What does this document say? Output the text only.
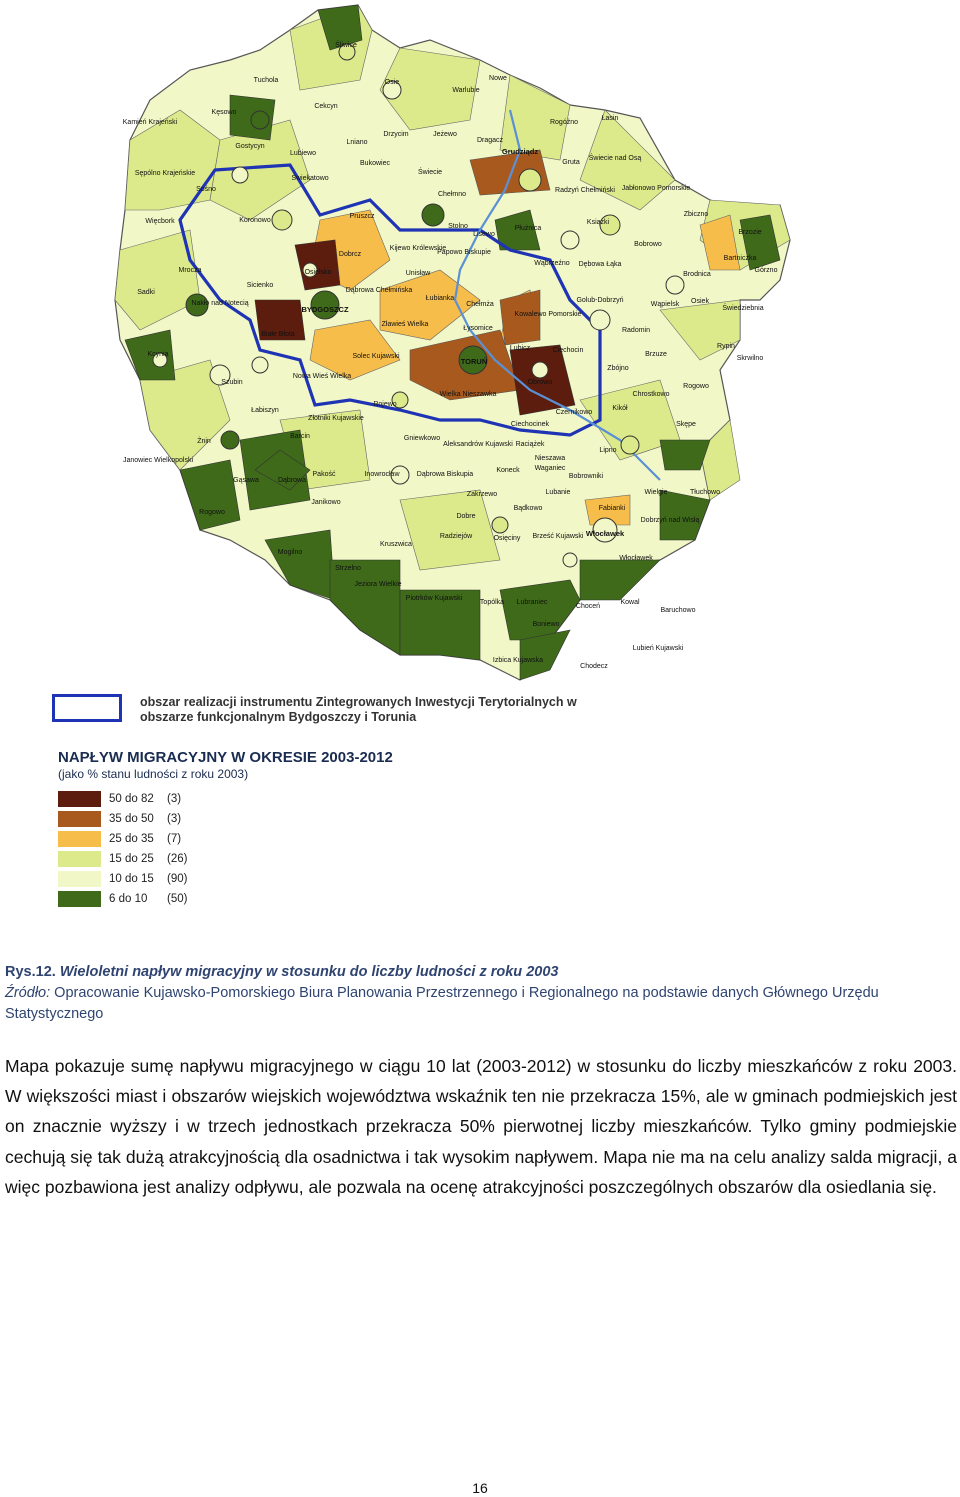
Śliwice
Osie
Nowe
Warlubie
Tuchola
Cekcyn
Kęsowo
Kamień Krajeński
Gostycyn
Lubiewo
Drzycim	Jeżewo
Dragacz
Lniano
Rogóźno
Łasin
Gruta
Świecie nad Osą
Sępólno Krajeńskie
Świekatowo
Bukowiec
Świecie
Sośno
Chełmno
Radzyń Chełmiński Jabłonowo Pomorskie
Więcbork	Koronowo
Pruszcz
Stolno
Lisewo
Płużnica
Książki
Zbiczno
Brzozie
Dobrcz
Kijewo Królewskie
Papowo Biskupie
Wąbrzeźno Dębowa Łąka
Bobrowo
Bartniczka
Mrocza
Sicienko
Osielsko	Unisław	Górzno
Brodnica
Sadki	Dąbrowa Chełmińska
Łubianka
Chełmża
Kowalewo Pomorskie
Golub-Dobrzyń
Wąpielsk Osiek
Świedziebnia
Nakło nad Notecią
Zławieś Wielka
Łysomice	Radomin
Białe Błota
Lubicz	Ciechocin
Brzuze
Rypin
Kcynia	Solec Kujawski	Skrwilno
Zbójno
Obrowo
Nowa Wieś Wielka
Wielka Nieszawka
Szubin
Chrostkowo
Rogowo
Czernikowo
Łabiszyn
Rojewo
Złotniki Kujawskie
Ciechocinek
Kikół
Skępe
Żnin
Barcin	Gniewkowo
Aleksandrów Kujawski Raciążek
Lipno
Janowiec Wielkopolski
Gąsawa
Pakość	Inowrocław Dąbrowa Biskupia
Koneck Waganiec
Nieszawa
Bobrowniki
Wielgie	Tłuchowo
Dąbrowa
Rogowo
Janikowo
Zakrzewo
Bądkowo
Lubanie
Fabianki
Dobrzyń nad Wisłą
Dobre
Mogilno
Kruszwica
Radziejów	Osięciny Brześć Kujawski
Włocławek
Strzelno
Jeziora Wielkie
Piotrków Kujawski
Topólka Lubraniec
Choceń
Kowal
Baruchowo
Lubień Kujawski
Izbica Kujawska
Chodecz
Boniewo
BYDGOSZCZ
TORUŃ
Grudziądz
Włocławek
obszar realizacji instrumentu Zintegrowanych Inwestycji Terytorialnych w obszarze funkcjonalnym Bydgoszczy i Torunia
NAPŁYW MIGRACYJNY W OKRESIE 2003-2012
(jako % stanu ludności z roku 2003)
50 do 82 (3)
35 do 50 (3)
25 do 35 (7)
15 do 25 (26)
10 do 15 (90)
6 do 10 (50)
Rys.12. Wieloletni napływ migracyjny w stosunku do liczby ludności z roku 2003
Źródło: Opracowanie Kujawsko-Pomorskiego Biura Planowania Przestrzennego i Regionalnego na podstawie danych Głównego Urzędu Statystycznego
Mapa pokazuje sumę napływu migracyjnego w ciągu 10 lat (2003-2012) w stosunku do liczby mieszkańców z roku 2003. W większości miast i obszarów wiejskich województwa wskaźnik ten nie przekracza 15%, ale w gminach podmiejskich jest on znacznie wyższy i w trzech jednostkach przekracza 50% pierwotnej liczby mieszkańców. Tylko gminy podmiejskie cechują się tak dużą atrakcyjnością dla osadnictwa i tak wysokim napływem. Mapa nie ma na celu analizy salda migracji, a więc pozbawiona jest analizy odpływu, ale pozwala na ocenę atrakcyjności poszczególnych obszarów dla osiedlania się.
16
